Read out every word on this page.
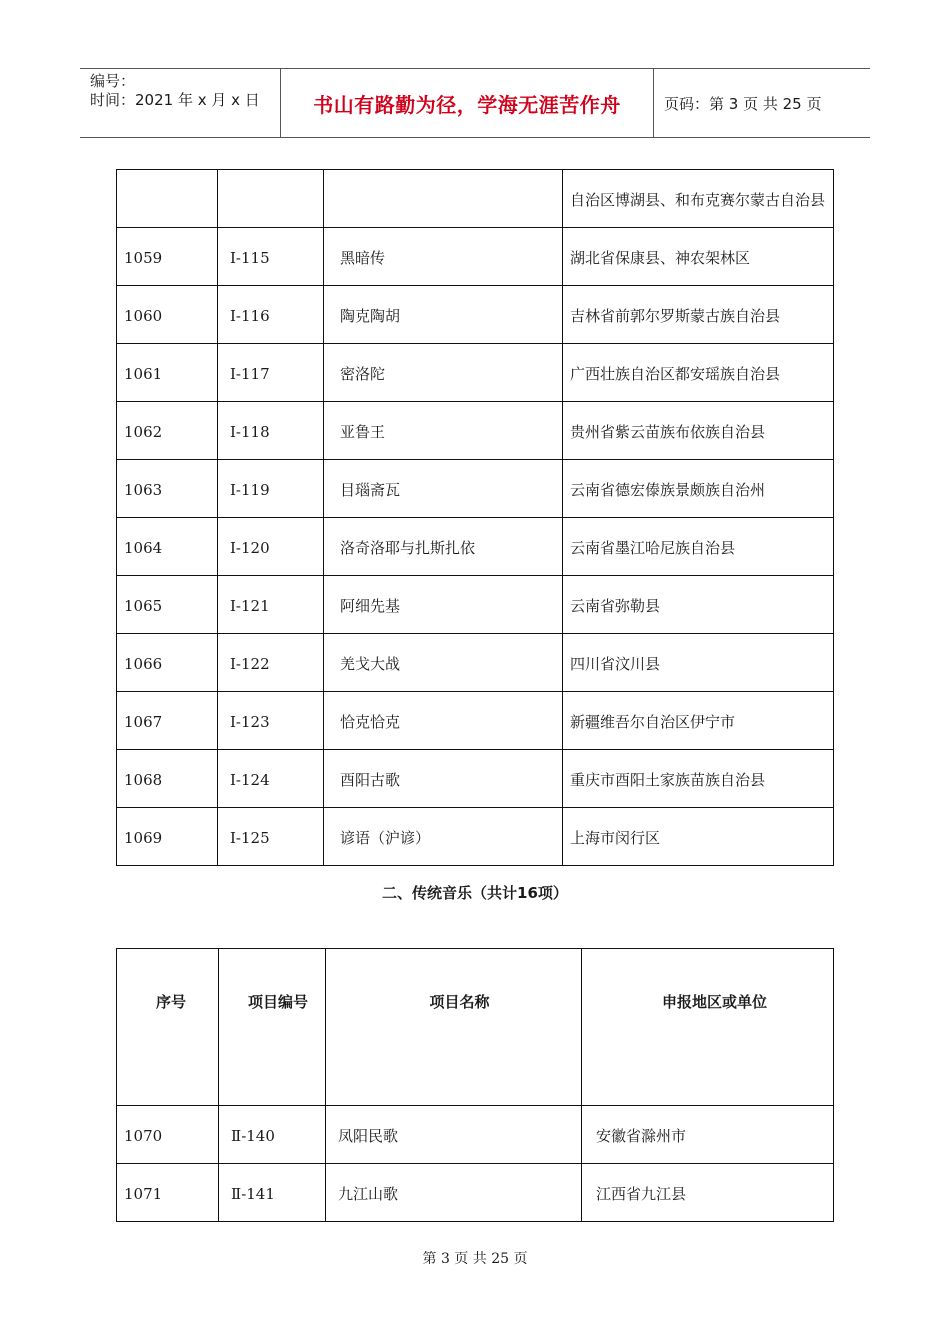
编号：
时间：2021 年 x 月 x 日	书山有路勤为径，学海无涯苦作舟	页码：第 3 页 共 25 页
			自治区博湖县、和布克赛尔蒙古自治县
1059	I-115	黑暗传	湖北省保康县、神农架林区
1060	I-116	陶克陶胡	吉林省前郭尔罗斯蒙古族自治县
1061	I-117	密洛陀	广西壮族自治区都安瑶族自治县
1062	I-118	亚鲁王	贵州省紫云苗族布依族自治县
1063	I-119	目瑙斋瓦	云南省德宏傣族景颇族自治州
1064	I-120	洛奇洛耶与扎斯扎依	云南省墨江哈尼族自治县
1065	I-121	阿细先基	云南省弥勒县
1066	I-122	羌戈大战	四川省汶川县
1067	I-123	恰克恰克	新疆维吾尔自治区伊宁市
1068	I-124	酉阳古歌	重庆市酉阳土家族苗族自治县
1069	I-125	谚语（沪谚）	上海市闵行区
二、传统音乐（共计16项）
序号	项目编号	项目名称	申报地区或单位
1070	Ⅱ-140	凤阳民歌	安徽省滁州市
1071	Ⅱ-141	九江山歌	江西省九江县
第 3 页 共 25 页
